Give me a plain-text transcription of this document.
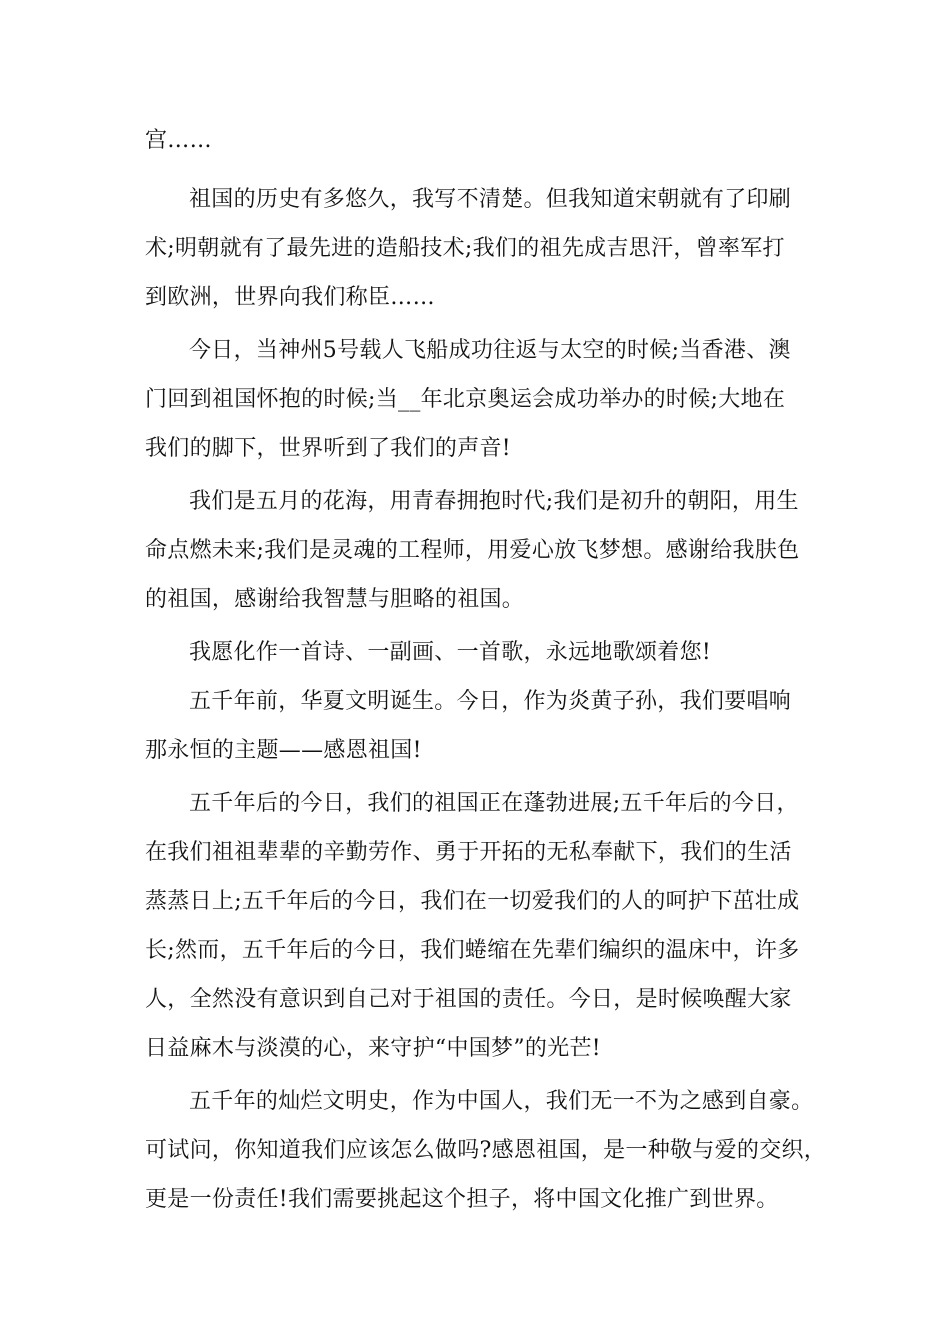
宫……
祖国的历史有多悠久，我写不清楚。但我知道宋朝就有了印刷
术;明朝就有了最先进的造船技术;我们的祖先成吉思汗，曾率军打
到欧洲，世界向我们称臣……
今日，当神州5号载人飞船成功往返与太空的时候;当香港、澳
门回到祖国怀抱的时候;当__年北京奥运会成功举办的时候;大地在
我们的脚下，世界听到了我们的声音!
我们是五月的花海，用青春拥抱时代;我们是初升的朝阳，用生
命点燃未来;我们是灵魂的工程师，用爱心放飞梦想。感谢给我肤色
的祖国，感谢给我智慧与胆略的祖国。
我愿化作一首诗、一副画、一首歌，永远地歌颂着您!
五千年前，华夏文明诞生。今日，作为炎黄子孙，我们要唱响
那永恒的主题——感恩祖国!
五千年后的今日，我们的祖国正在蓬勃进展;五千年后的今日，
在我们祖祖辈辈的辛勤劳作、勇于开拓的无私奉献下，我们的生活
蒸蒸日上;五千年后的今日，我们在一切爱我们的人的呵护下茁壮成
长;然而，五千年后的今日，我们蜷缩在先辈们编织的温床中，许多
人，全然没有意识到自己对于祖国的责任。今日，是时候唤醒大家
日益麻木与淡漠的心，来守护“中国梦”的光芒!
五千年的灿烂文明史，作为中国人，我们无一不为之感到自豪。
可试问，你知道我们应该怎么做吗?感恩祖国，是一种敬与爱的交织，
更是一份责任!我们需要挑起这个担子，将中国文化推广到世界。
